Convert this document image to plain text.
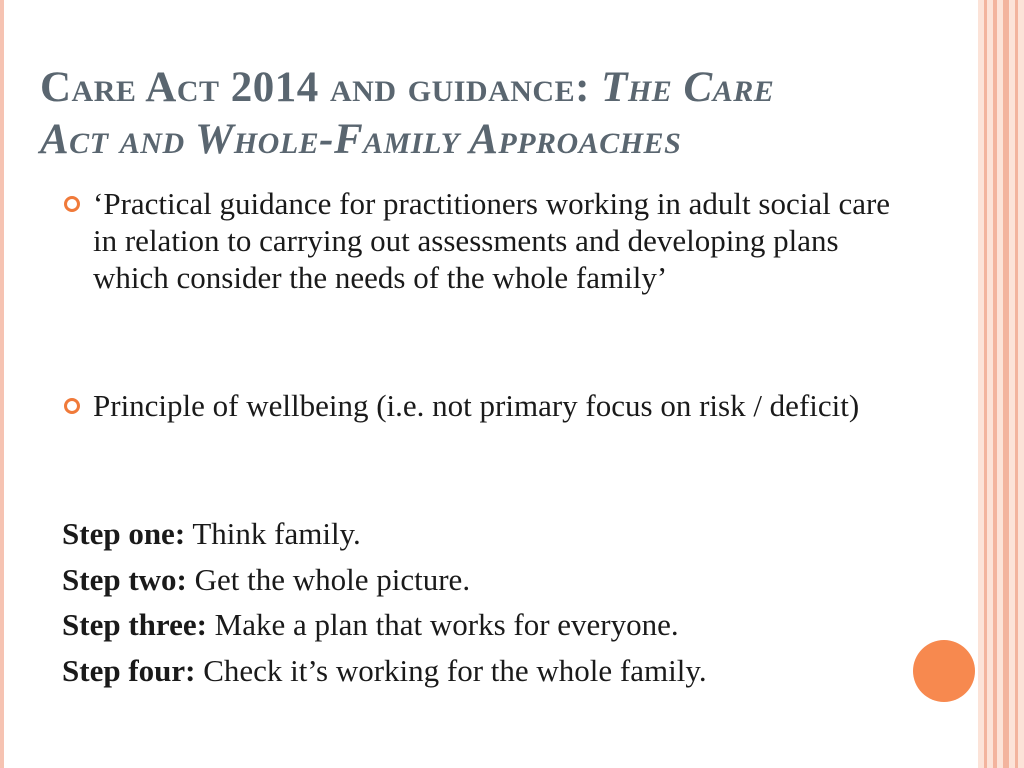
Care Act 2014 and guidance: The Care
Act and Whole-Family Approaches
‘Practical guidance for practitioners working in adult social care in relation to carrying out assessments and developing plans which consider the needs of the whole family’
Principle of wellbeing (i.e. not primary focus on risk / deficit)
Step one: Think family.
Step two: Get the whole picture.
Step three: Make a plan that works for everyone.
Step four: Check it’s working for the whole family.
